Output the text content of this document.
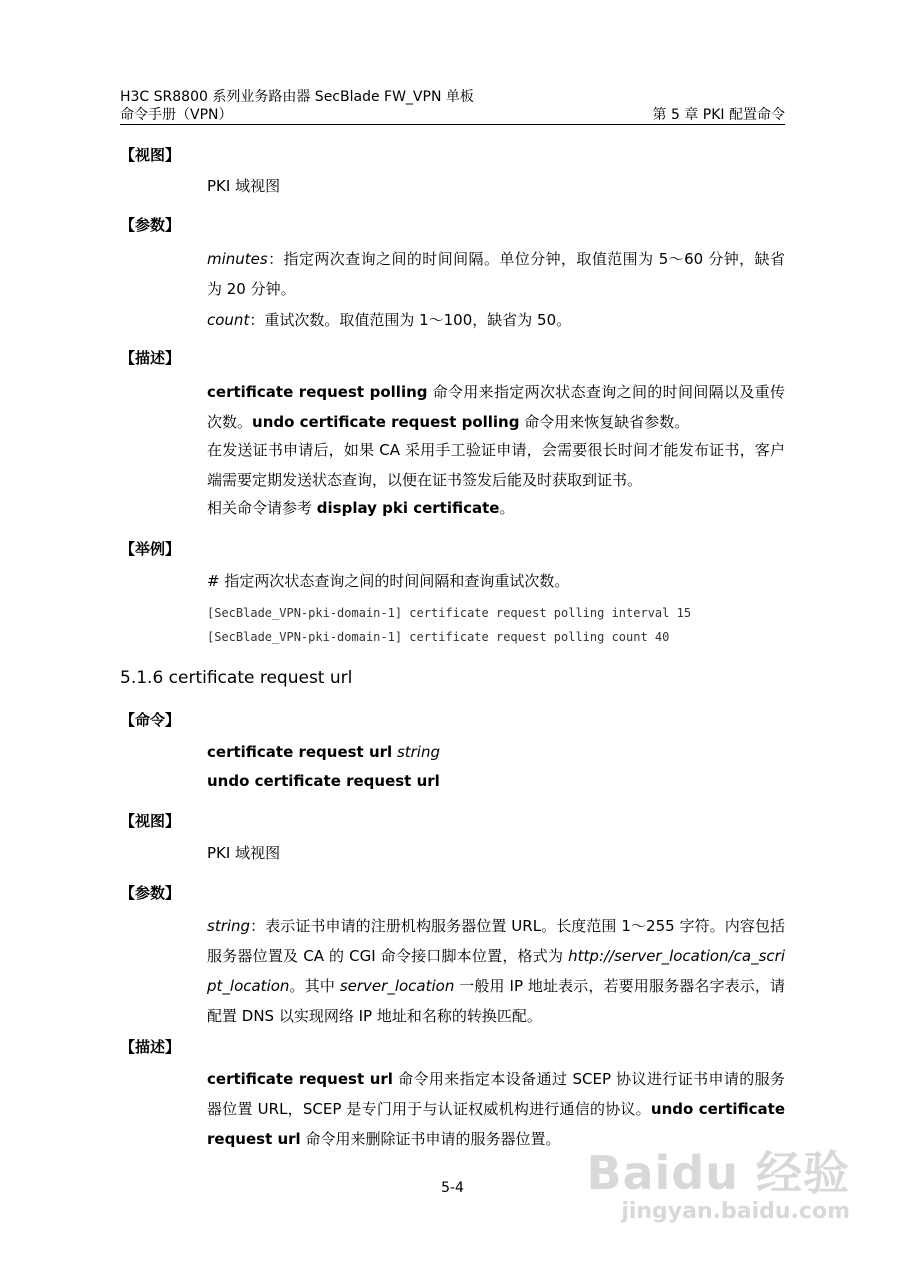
H3C SR8800 系列业务路由器 SecBlade FW_VPN 单板
命令手册（VPN）	第 5 章 PKI 配置命令
【视图】
PKI 域视图
【参数】
minutes：指定两次查询之间的时间间隔。单位分钟，取值范围为 5～60 分钟，缺省为 20 分钟。
count：重试次数。取值范围为 1～100，缺省为 50。
【描述】
certificate request polling 命令用来指定两次状态查询之间的时间间隔以及重传次数。undo certificate request polling 命令用来恢复缺省参数。
在发送证书申请后，如果 CA 采用手工验证申请，会需要很长时间才能发布证书，客户端需要定期发送状态查询，以便在证书签发后能及时获取到证书。
相关命令请参考 display pki certificate。
【举例】
# 指定两次状态查询之间的时间间隔和查询重试次数。
[SecBlade_VPN-pki-domain-1] certificate request polling interval 15
[SecBlade_VPN-pki-domain-1] certificate request polling count 40
5.1.6 certificate request url
【命令】
certificate request url string
undo certificate request url
【视图】
PKI 域视图
【参数】
string：表示证书申请的注册机构服务器位置 URL。长度范围 1～255 字符。内容包括服务器位置及 CA 的 CGI 命令接口脚本位置，格式为 http://server_location/ca_script_location。其中 server_location 一般用 IP 地址表示，若要用服务器名字表示，请配置 DNS 以实现网络 IP 地址和名称的转换匹配。
【描述】
certificate request url 命令用来指定本设备通过 SCEP 协议进行证书申请的服务器位置 URL，SCEP 是专门用于与认证权威机构进行通信的协议。undo certificate request url 命令用来删除证书申请的服务器位置。
5-4	Baidu 经验
jingyan.baidu.com
